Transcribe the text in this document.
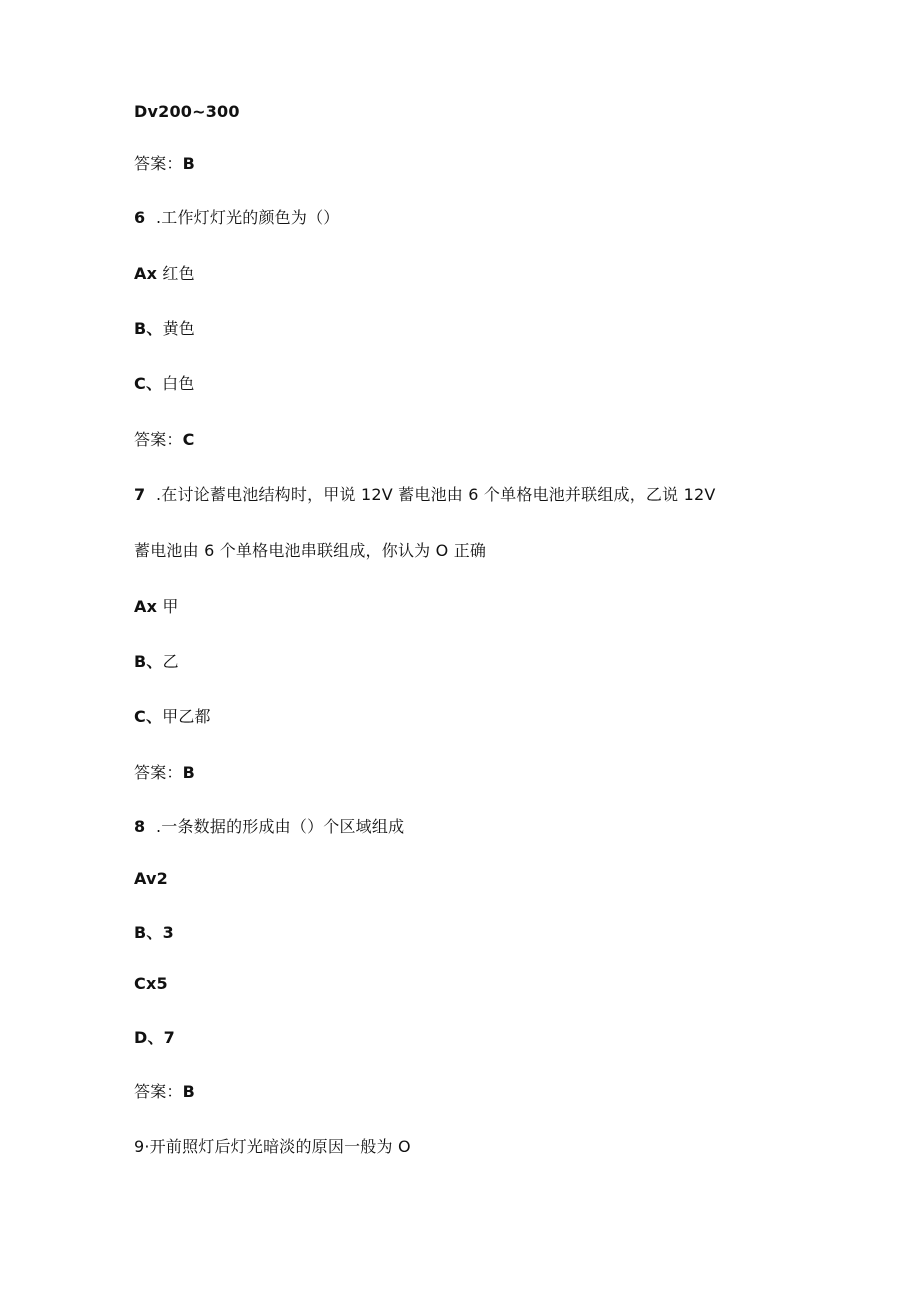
Dv200~300
答案：B
6 .工作灯灯光的颜色为（）
Ax 红色
B、黄色
C、白色
答案：C
7 .在讨论蓄电池结构时，甲说 12V 蓄电池由 6 个单格电池并联组成，乙说 12V
蓄电池由 6 个单格电池串联组成，你认为 O 正确
Ax 甲
B、乙
C、甲乙都
答案：B
8 .一条数据的形成由（）个区域组成
Av2
B、3
Cx5
D、7
答案：B
9·开前照灯后灯光暗淡的原因一般为 O
